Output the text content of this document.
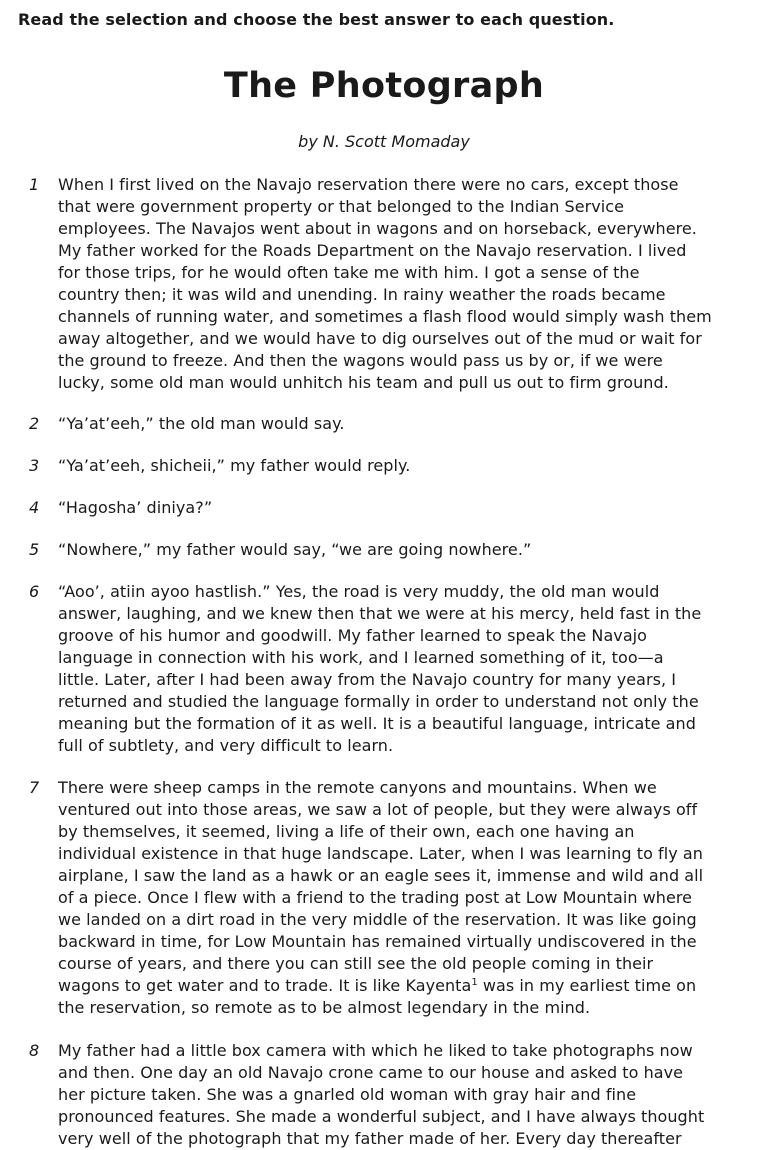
Read the selection and choose the best answer to each question.
The Photograph
by N. Scott Momaday
1 When I first lived on the Navajo reservation there were no cars, except those
that were government property or that belonged to the Indian Service
employees. The Navajos went about in wagons and on horseback, everywhere.
My father worked for the Roads Department on the Navajo reservation. I lived
for those trips, for he would often take me with him. I got a sense of the
country then; it was wild and unending. In rainy weather the roads became
channels of running water, and sometimes a flash flood would simply wash them
away altogether, and we would have to dig ourselves out of the mud or wait for
the ground to freeze. And then the wagons would pass us by or, if we were
lucky, some old man would unhitch his team and pull us out to firm ground.
2 “Ya’at’eeh,” the old man would say.
3 “Ya’at’eeh, shicheii,” my father would reply.
4 “Hagosha’ diniya?”
5 “Nowhere,” my father would say, “we are going nowhere.”
6 “Aoo’, atiin ayoo hastlish.” Yes, the road is very muddy, the old man would
answer, laughing, and we knew then that we were at his mercy, held fast in the
groove of his humor and goodwill. My father learned to speak the Navajo
language in connection with his work, and I learned something of it, too—a
little. Later, after I had been away from the Navajo country for many years, I
returned and studied the language formally in order to understand not only the
meaning but the formation of it as well. It is a beautiful language, intricate and
full of subtlety, and very difficult to learn.
7 There were sheep camps in the remote canyons and mountains. When we
ventured out into those areas, we saw a lot of people, but they were always off
by themselves, it seemed, living a life of their own, each one having an
individual existence in that huge landscape. Later, when I was learning to fly an
airplane, I saw the land as a hawk or an eagle sees it, immense and wild and all
of a piece. Once I flew with a friend to the trading post at Low Mountain where
we landed on a dirt road in the very middle of the reservation. It was like going
backward in time, for Low Mountain has remained virtually undiscovered in the
course of years, and there you can still see the old people coming in their
wagons to get water and to trade. It is like Kayenta$^1$ was in my earliest time on
the reservation, so remote as to be almost legendary in the mind.
8 My father had a little box camera with which he liked to take photographs now
and then. One day an old Navajo crone came to our house and asked to have
her picture taken. She was a gnarled old woman with gray hair and fine
pronounced features. She made a wonderful subject, and I have always thought
very well of the photograph that my father made of her. Every day thereafter
